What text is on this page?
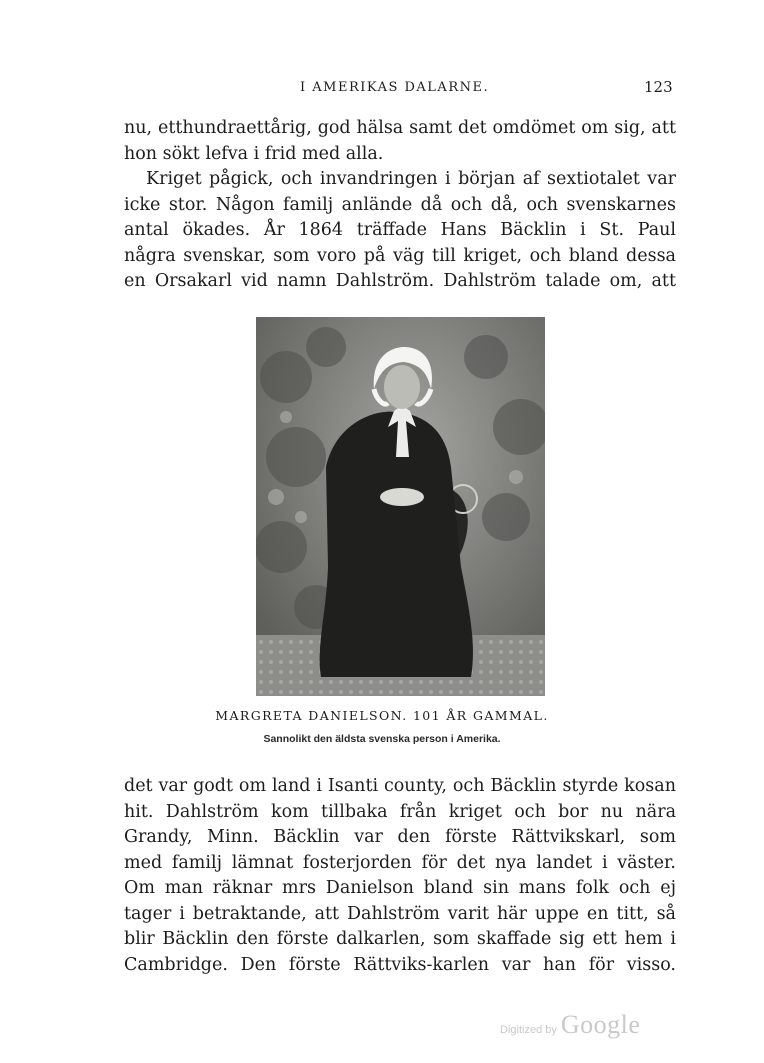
I AMERIKAS DALARNE.	123

nu, etthundraettårig, god hälsa samt det omdömet om sig, att
hon sökt lefva i frid med alla.

Kriget pågick, och invandringen i början af sextiotalet var
icke stor. Någon familj anlände då och då, och svenskarnes
antal ökades. År 1864 träffade Hans Bäcklin i St. Paul
några svenskar, som voro på väg till kriget, och bland dessa
en Orsakarl vid namn Dahlström. Dahlström talade om, att

MARGRETA DANIELSON. 101 ÅR GAMMAL.
Sannolikt den äldsta svenska person i Amerika.

det var godt om land i Isanti county, och Bäcklin styrde kosan
hit. Dahlström kom tillbaka från kriget och bor nu nära
Grandy, Minn. Bäcklin var den förste Rättvikskarl, som
med familj lämnat fosterjorden för det nya landet i väster.
Om man räknar mrs Danielson bland sin mans folk och ej
tager i betraktande, att Dahlström varit här uppe en titt, så
blir Bäcklin den förste dalkarlen, som skaffade sig ett hem i
Cambridge. Den förste Rättviks-karlen var han för visso.

Digitized by Google
